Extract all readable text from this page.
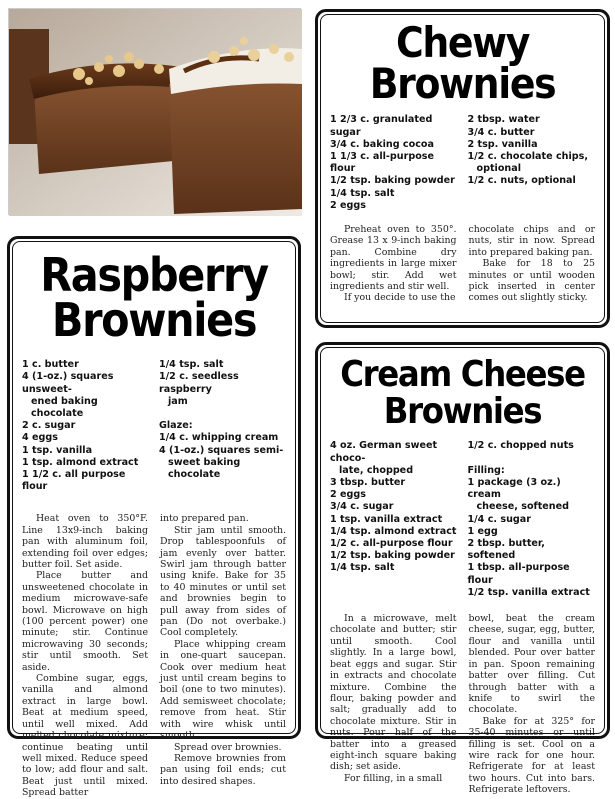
Chewy
Brownies
1 2/3 c. granulated sugar
3/4 c. baking cocoa
1 1/3 c. all-purpose flour
1/2 tsp. baking powder
1/4 tsp. salt
2 eggs
2 tbsp. water
3/4 c. butter
2 tsp. vanilla
1/2 c. chocolate chips,
optional
1/2 c. nuts, optional

Preheat oven to 350°. Grease 13 x 9-inch baking pan. Combine dry ingredients in large mixer bowl; stir. Add wet ingredients and stir well.

If you decide to use the

chocolate chips and or nuts, stir in now. Spread into prepared baking pan.

Bake for 18 to 25 minutes or until wooden pick inserted in center comes out slightly sticky.

Raspberry
Brownies
1 c. butter
4 (1-oz.) squares unsweet-
ened baking chocolate
2 c. sugar
4 eggs
1 tsp. vanilla
1 tsp. almond extract
1 1/2 c. all purpose flour
1/4 tsp. salt
1/2 c. seedless raspberry
jam
Glaze:
1/4 c. whipping cream
4 (1-oz.) squares semi-
sweet baking chocolate

Heat oven to 350°F. Line 13x9-inch baking pan with aluminum foil, extending foil over edges; butter foil. Set aside.

Place butter and unsweetened chocolate in medium microwave-safe bowl. Microwave on high (100 percent power) one minute; stir. Continue microwaving 30 seconds; stir until smooth. Set aside.

Combine sugar, eggs, vanilla and almond extract in large bowl. Beat at medium speed, until well mixed. Add melted chocolate mixture; continue beating until well mixed. Reduce speed to low; add flour and salt. Beat just until mixed. Spread batter

into prepared pan.

Stir jam until smooth. Drop tablespoonfuls of jam evenly over batter. Swirl jam through batter using knife. Bake for 35 to 40 minutes or until set and brownies begin to pull away from sides of pan (Do not overbake.) Cool completely.

Place whipping cream in one-quart saucepan. Cook over medium heat just until cream begins to boil (one to two minutes). Add semisweet chocolate; remove from heat. Stir with wire whisk until smooth.

Spread over brownies.

Remove brownies from pan using foil ends; cut into desired shapes.

Cream Cheese
Brownies
4 oz. German sweet choco-
late, chopped
3 tbsp. butter
2 eggs
3/4 c. sugar
1 tsp. vanilla extract
1/4 tsp. almond extract
1/2 c. all-purpose flour
1/2 tsp. baking powder
1/4 tsp. salt
1/2 c. chopped nuts
Filling:
1 package (3 oz.) cream
cheese, softened
1/4 c. sugar
1 egg
2 tbsp. butter, softened
1 tbsp. all-purpose flour
1/2 tsp. vanilla extract

In a microwave, melt chocolate and butter; stir until smooth. Cool slightly. In a large bowl, beat eggs and sugar. Stir in extracts and chocolate mixture. Combine the flour, baking powder and salt; gradually add to chocolate mixture. Stir in nuts. Pour half of the batter into a greased eight-inch square baking dish; set aside.

For filling, in a small

bowl, beat the cream cheese, sugar, egg, butter, flour and vanilla until blended. Pour over batter in pan. Spoon remaining batter over filling. Cut through batter with a knife to swirl the chocolate.

Bake for at 325° for 35-40 minutes or until filling is set. Cool on a wire rack for one hour. Refrigerate for at least two hours. Cut into bars. Refrigerate leftovers.
